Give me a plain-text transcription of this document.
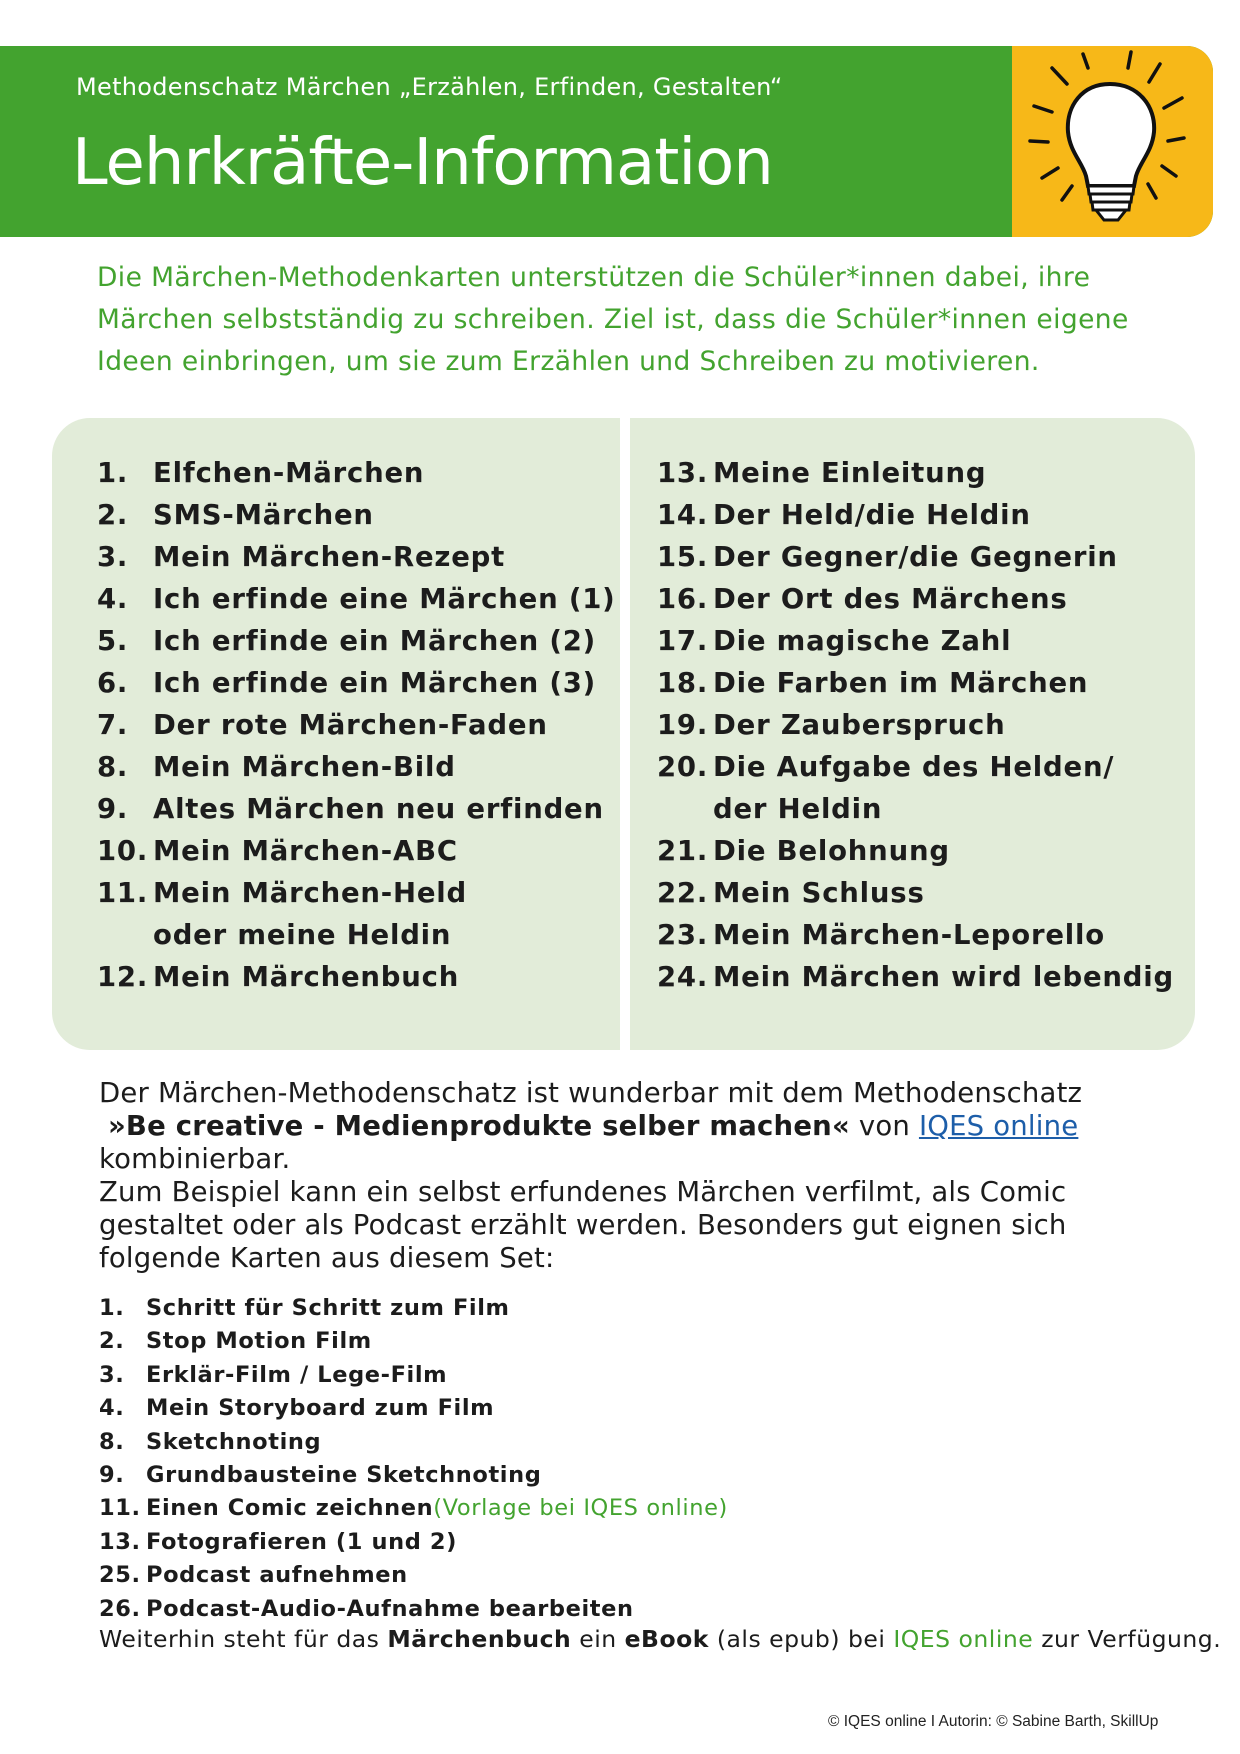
Methodenschatz Märchen „Erzählen, Erfinden, Gestalten“
Lehrkräfte-Information

Die Märchen-Methodenkarten unterstützen die Schüler*innen dabei, ihre

Märchen selbstständig zu schreiben. Ziel ist, dass die Schüler*innen eigene

Ideen einbringen, um sie zum Erzählen und Schreiben zu motivieren.

1. Elfchen-Märchen
2. SMS-Märchen
3. Mein Märchen-Rezept
4. Ich erfinde eine Märchen (1)
5. Ich erfinde ein Märchen (2)
6. Ich erfinde ein Märchen (3)
7. Der rote Märchen-Faden
8. Mein Märchen-Bild
9. Altes Märchen neu erfinden
10. Mein Märchen-ABC
11. Mein Märchen-Held
oder meine Heldin
12. Mein Märchenbuch
13. Meine Einleitung
14. Der Held/die Heldin
15. Der Gegner/die Gegnerin
16. Der Ort des Märchens
17. Die magische Zahl
18. Die Farben im Märchen
19. Der Zauberspruch
20. Die Aufgabe des Helden/
der Heldin
21. Die Belohnung
22. Mein Schluss
23. Mein Märchen-Leporello
24. Mein Märchen wird lebendig

Der Märchen-Methodenschatz ist wunderbar mit dem Methodenschatz

»Be creative - Medienprodukte selber machen« von IQES online

kombinierbar.

Zum Beispiel kann ein selbst erfundenes Märchen verfilmt, als Comic

gestaltet oder als Podcast erzählt werden. Besonders gut eignen sich

folgende Karten aus diesem Set:

1. Schritt für Schritt zum Film
2. Stop Motion Film
3. Erklär-Film / Lege-Film
4. Mein Storyboard zum Film
8. Sketchnoting
9. Grundbausteine Sketchnoting
11. Einen Comic zeichnen (Vorlage bei IQES online)
13. Fotografieren (1 und 2)
25. Podcast aufnehmen
26. Podcast-Audio-Aufnahme bearbeiten
Weiterhin steht für das Märchenbuch ein eBook (als epub) bei IQES online zur Verfügung.
© IQES online I Autorin: © Sabine Barth, SkillUp
